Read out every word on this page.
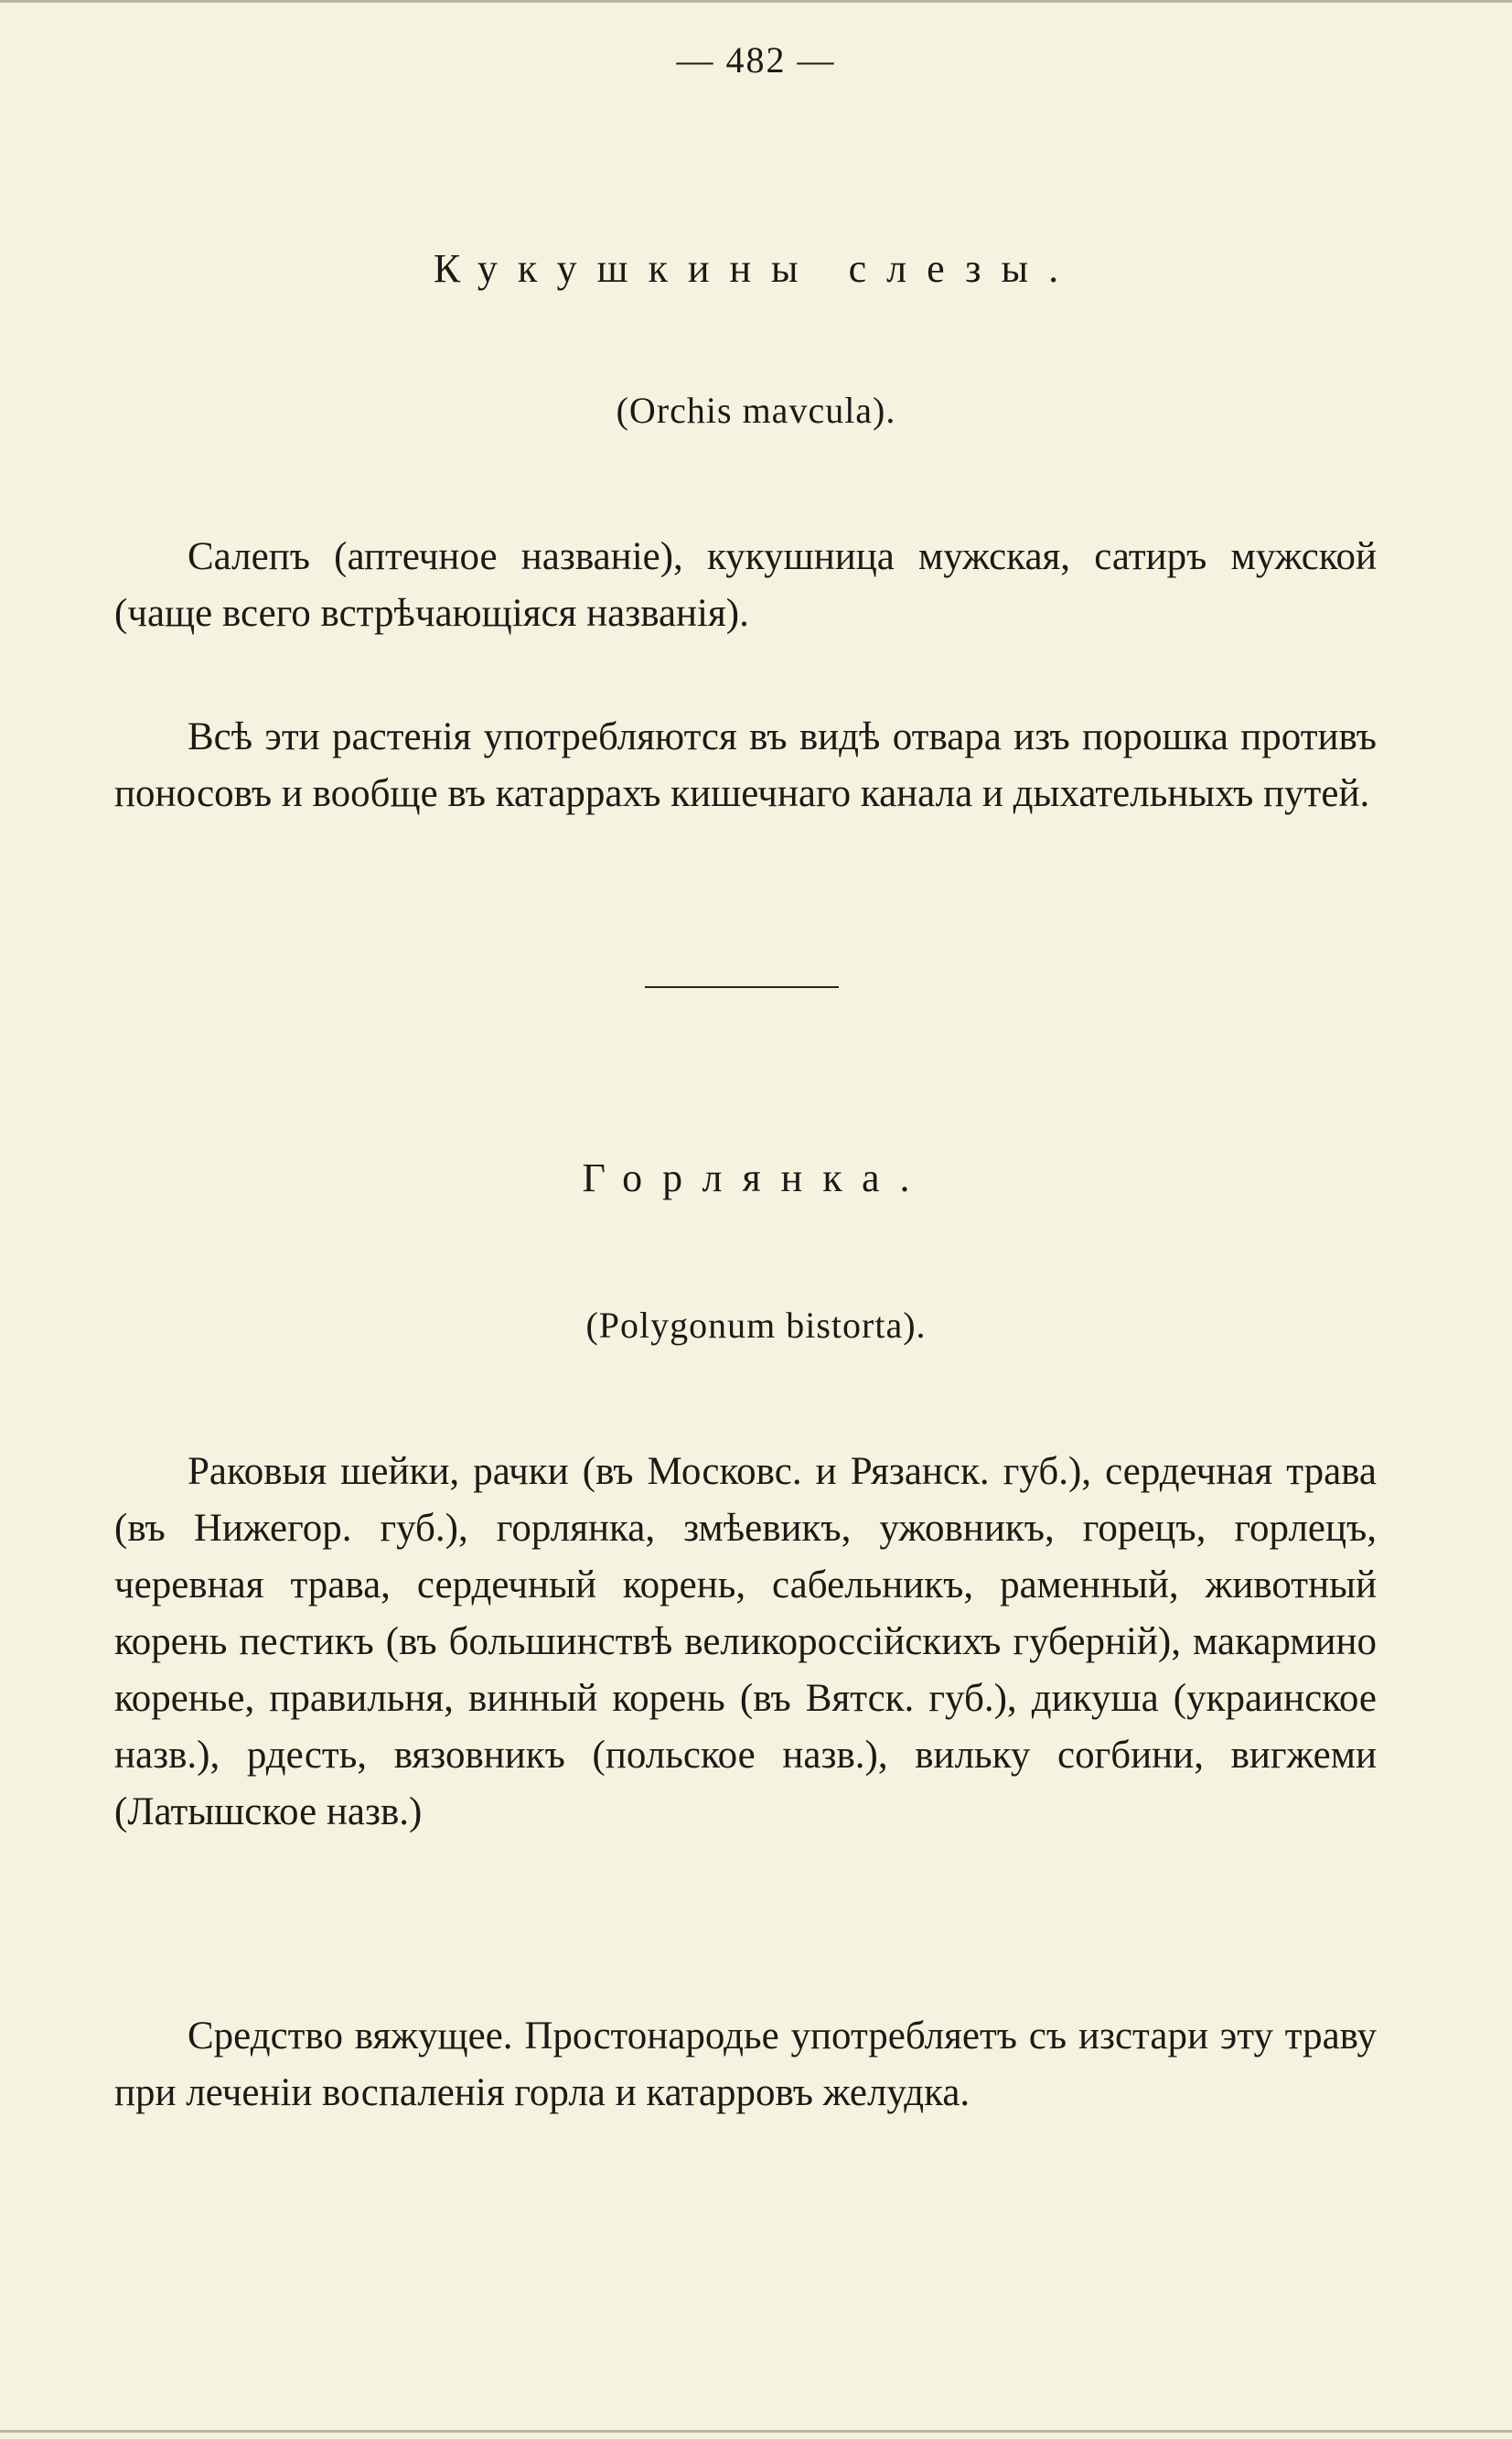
— 482 —
Кукушкины слезы.
(Orchis mavcula).

Салепъ (аптечное названіе), кукушница мужская, сатиръ мужской (чаще всего встрѣчающіяся названія).

Всѣ эти растенія употребляются въ видѣ отвара изъ порошка противъ поносовъ и вообще въ катаррахъ кишечнаго канала и дыхательныхъ путей.

Горлянка.
(Polygonum bistorta).

Раковыя шейки, рачки (въ Московс. и Рязанск. губ.), сердечная трава (въ Нижегор. губ.), горлянка, змѣевикъ, ужовникъ, горецъ, горлецъ, черевная трава, сердечный корень, сабельникъ, раменный, животный корень пестикъ (въ большинствѣ великороссійскихъ губерній), макармино коренье, правильня, винный корень (въ Вятск. губ.), дикуша (украинское назв.), рдесть, вязовникъ (польское назв.), вильку согбини, вигжеми (Латышское назв.)

Средство вяжущее. Простонародье употребляетъ съ изстари эту траву при леченіи воспаленія горла и катарровъ желудка.
